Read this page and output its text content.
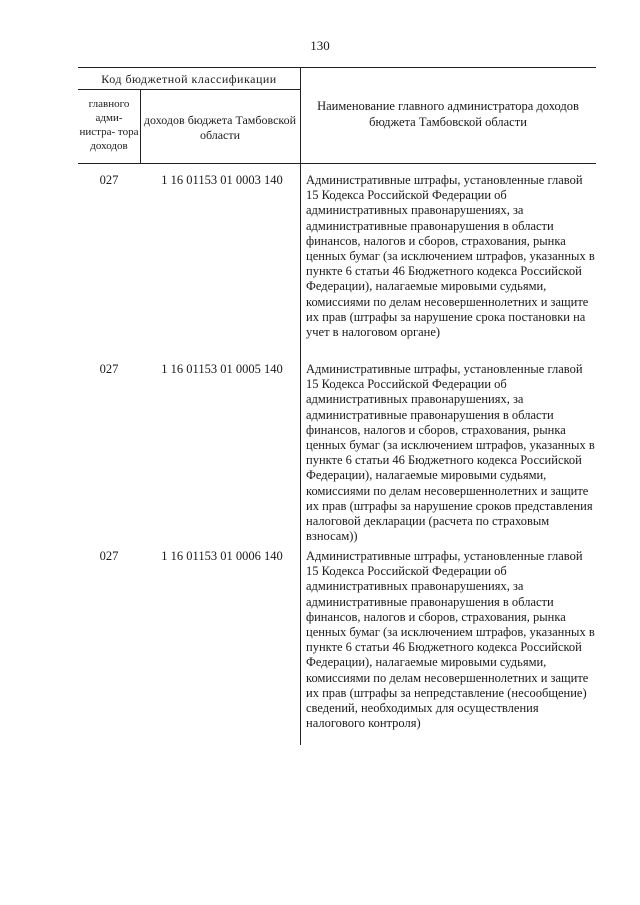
130
Код бюджетной классификации
главного адми- нистра- тора доходов
доходов бюджета Тамбовской области
Наименование главного администратора доходов бюджета Тамбовской области
027	1 16 01153 01 0003 140	Административные штрафы, установленные главой 15 Кодекса Российской Федерации об административных правонарушениях, за административные правонарушения в области финансов, налогов и сборов, страхования, рынка ценных бумаг (за исключением штрафов, указанных в пункте 6 статьи 46 Бюджетного кодекса Российской Федерации), налагаемые мировыми судьями, комиссиями по делам несовершеннолетних и защите их прав (штрафы за нарушение срока постановки на учет в налоговом органе)
027	1 16 01153 01 0005 140	Административные штрафы, установленные главой 15 Кодекса Российской Федерации об административных правонарушениях, за административные правонарушения в области финансов, налогов и сборов, страхования, рынка ценных бумаг (за исключением штрафов, указанных в пункте 6 статьи 46 Бюджетного кодекса Российской Федерации), налагаемые мировыми судьями, комиссиями по делам несовершеннолетних и защите их прав (штрафы за нарушение сроков представления налоговой декларации (расчета по страховым взносам))
027	1 16 01153 01 0006 140	Административные штрафы, установленные главой 15 Кодекса Российской Федерации об административных правонарушениях, за административные правонарушения в области финансов, налогов и сборов, страхования, рынка ценных бумаг (за исключением штрафов, указанных в пункте 6 статьи 46 Бюджетного кодекса Российской Федерации), налагаемые мировыми судьями, комиссиями по делам несовершеннолетних и защите их прав (штрафы за непредставление (несообщение) сведений, необходимых для осуществления налогового контроля)
